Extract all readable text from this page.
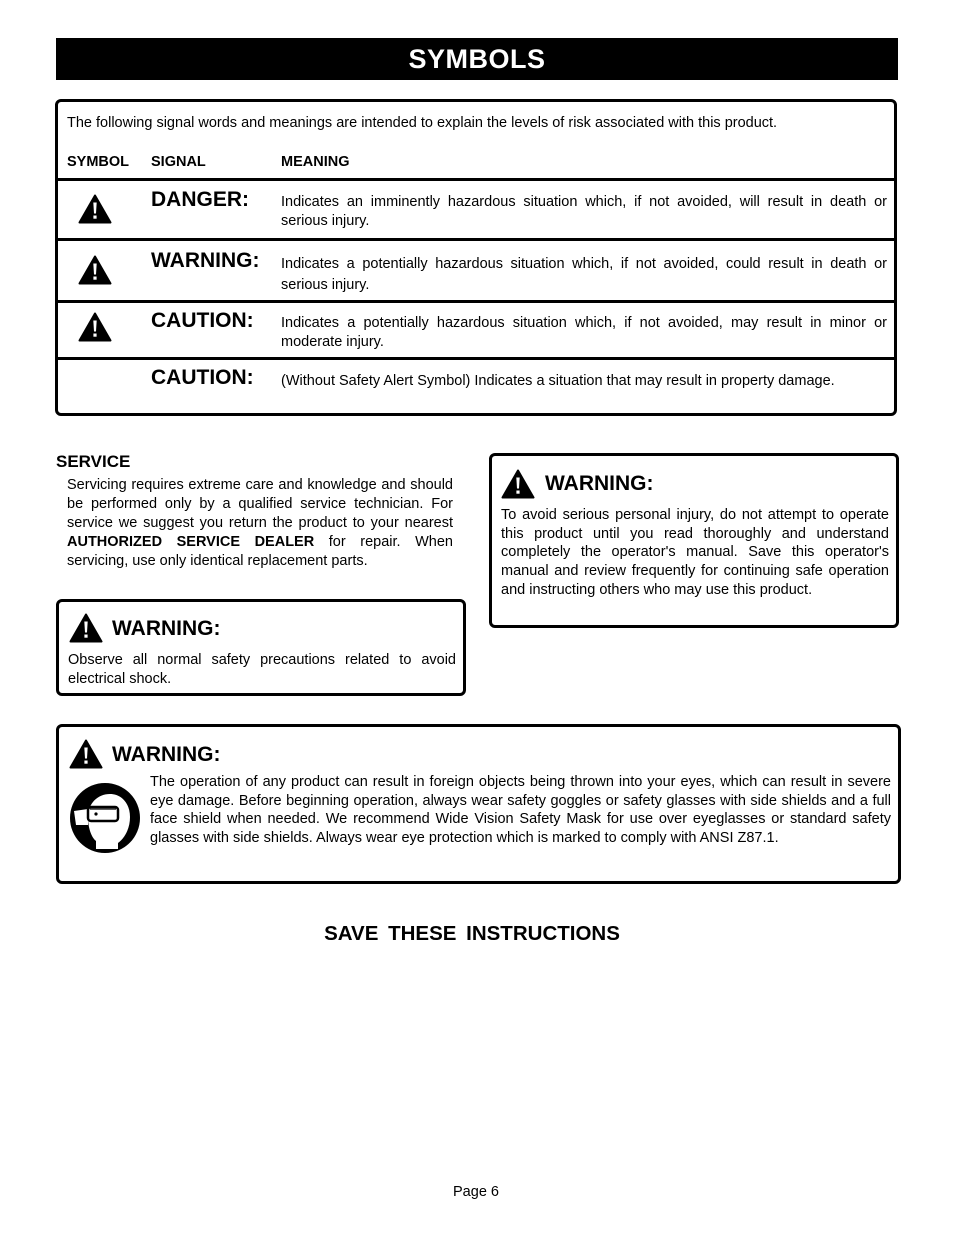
SYMBOLS
The following signal words and meanings are intended to explain the levels of risk associated with this product.
SYMBOL SIGNAL	MEANING
DANGER: Indicates an imminently hazardous situation which, if not avoided, will result in death or serious injury.
WARNING: Indicates a potentially hazardous situation which, if not avoided, could result in death or serious injury.
CAUTION: Indicates a potentially hazardous situation which, if not avoided, may result in minor or moderate injury.
CAUTION: (Without Safety Alert Symbol) Indicates a situation that may result in property damage.
SERVICE
Servicing requires extreme care and knowledge and should be performed only by a qualified service technician. For service we suggest you return the product to your nearest AUTHORIZED SERVICE DEALER for repair. When servicing, use only identical replacement parts.
WARNING:
Observe all normal safety precautions related to avoid electrical shock.
WARNING:
To avoid serious personal injury, do not attempt to operate this product until you read thoroughly and understand completely the operator's manual. Save this operator's manual and review frequently for continuing safe operation and instructing others who may use this product.
WARNING:
The operation of any product can result in foreign objects being thrown into your eyes, which can result in severe eye damage. Before beginning operation, always wear safety goggles or safety glasses with side shields and a full face shield when needed. We recommend Wide Vision Safety Mask for use over eyeglasses or standard safety glasses with side shields. Always wear eye protection which is marked to comply with ANSI Z87.1.
SAVE THESE INSTRUCTIONS
Page 6
